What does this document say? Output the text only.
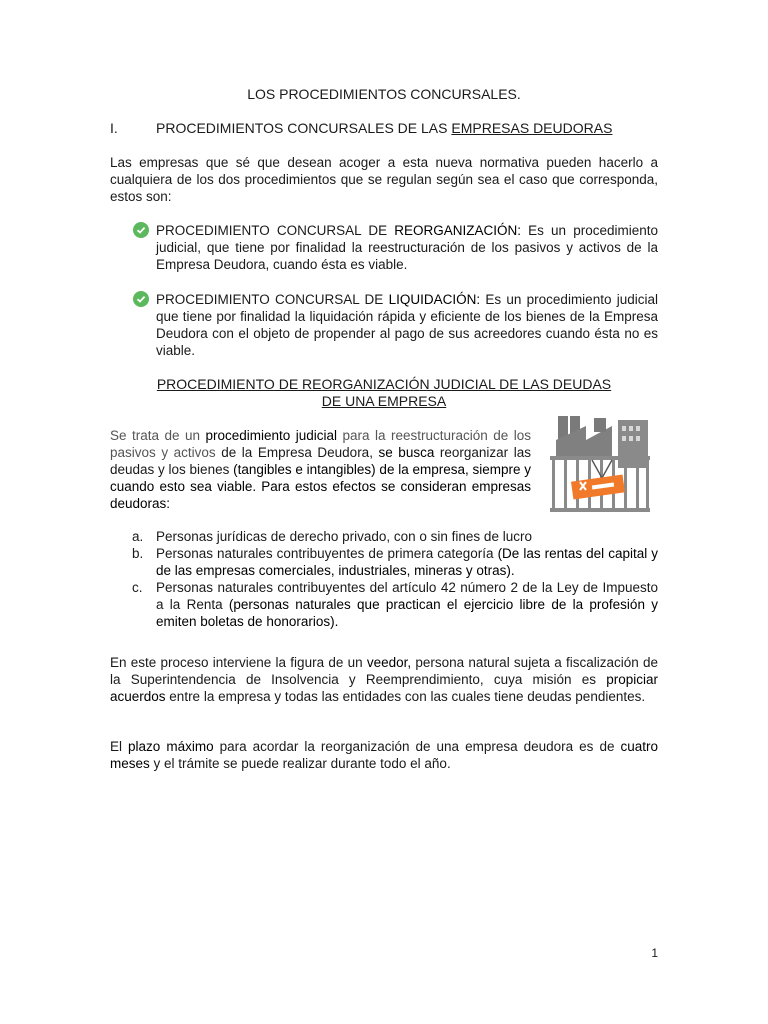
LOS PROCEDIMIENTOS CONCURSALES.
I.	PROCEDIMIENTOS CONCURSALES DE LAS EMPRESAS DEUDORAS
Las empresas que sé que desean acoger a esta nueva normativa pueden hacerlo a cualquiera de los dos procedimientos que se regulan según sea el caso que corresponda, estos son:
PROCEDIMIENTO CONCURSAL DE REORGANIZACIÓN: Es un procedimiento judicial, que tiene por finalidad la reestructuración de los pasivos y activos de la Empresa Deudora, cuando ésta es viable.
PROCEDIMIENTO CONCURSAL DE LIQUIDACIÓN: Es un procedimiento judicial que tiene por finalidad la liquidación rápida y eficiente de los bienes de la Empresa Deudora con el objeto de propender al pago de sus acreedores cuando ésta no es viable.
PROCEDIMIENTO DE REORGANIZACIÓN JUDICIAL DE LAS DEUDAS
DE UNA EMPRESA
Se trata de un procedimiento judicial para la reestructuración de los pasivos y activos de la Empresa Deudora, se busca reorganizar las deudas y los bienes (tangibles e intangibles) de la empresa, siempre y cuando esto sea viable. Para estos efectos se consideran empresas deudoras:
a. Personas jurídicas de derecho privado, con o sin fines de lucro
b. Personas naturales contribuyentes de primera categoría (De las rentas del capital y de las empresas comerciales, industriales, mineras y otras).
c. Personas naturales contribuyentes del artículo 42 número 2 de la Ley de Impuesto a la Renta (personas naturales que practican el ejercicio libre de la profesión y emiten boletas de honorarios).
En este proceso interviene la figura de un veedor, persona natural sujeta a fiscalización de la Superintendencia de Insolvencia y Reemprendimiento, cuya misión es propiciar acuerdos entre la empresa y todas las entidades con las cuales tiene deudas pendientes.
El plazo máximo para acordar la reorganización de una empresa deudora es de cuatro meses y el trámite se puede realizar durante todo el año.
1
